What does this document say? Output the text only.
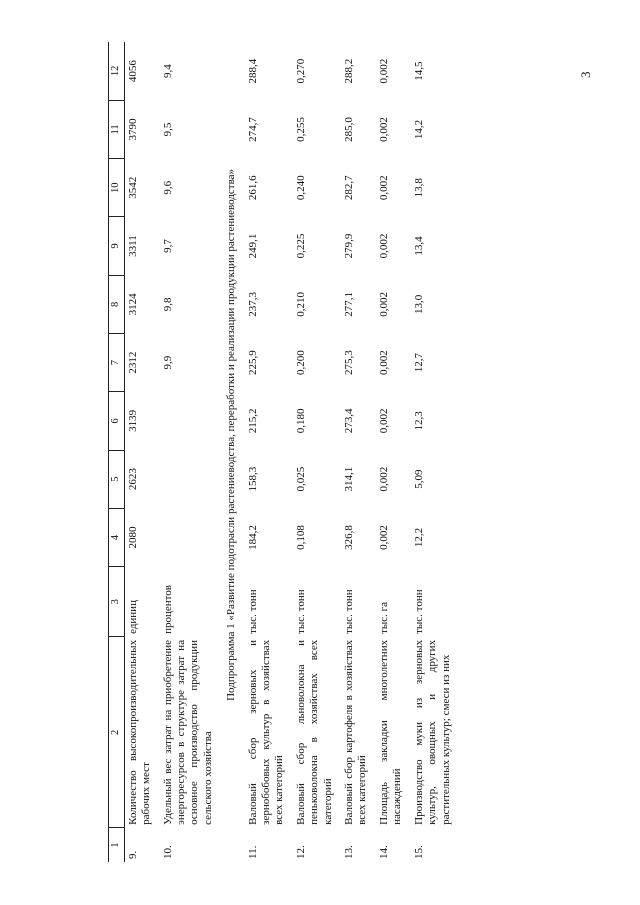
3
1	2	3	4	5	6	7	8	9	10	11	12
9.	Количество высокопроизводительных рабочих мест	единиц	2080	2623	3139	2312	3124	3311	3542	3790	4056
10.	Удельный вес затрат на приобретение энергоресурсов в структуре затрат на основное производство продукции сельского хозяйства	процентов				9,9	9,8	9,7	9,6	9,5	9,4
	Подпрограмма 1 «Развитие подотрасли растениеводства, переработки и реализации продукции растениеводства»										
11.	Валовый сбор зерновых и зернобобовых культур в хозяйствах всех категорий	тыс. тонн	184,2	158,3	215,2	225,9	237,3	249,1	261,6	274,7	288,4
12.	Валовый сбор льноволокна и пеньковолокна в хозяйствах всех категорий	тыс. тонн	0,108	0,025	0,180	0,200	0,210	0,225	0,240	0,255	0,270
13.	Валовый сбор картофеля в хозяйствах всех категорий	тыс. тонн	326,8	314,1	273,4	275,3	277,1	279,9	282,7	285,0	288,2
14.	Площадь закладки многолетних насаждений	тыс. га	0,002	0,002	0,002	0,002	0,002	0,002	0,002	0,002	0,002
15.	Производство муки из зерновых культур, овощных и других растительных культур; смеси из них	тыс. тонн	12,2	5,09	12,3	12,7	13,0	13,4	13,8	14,2	14,5
